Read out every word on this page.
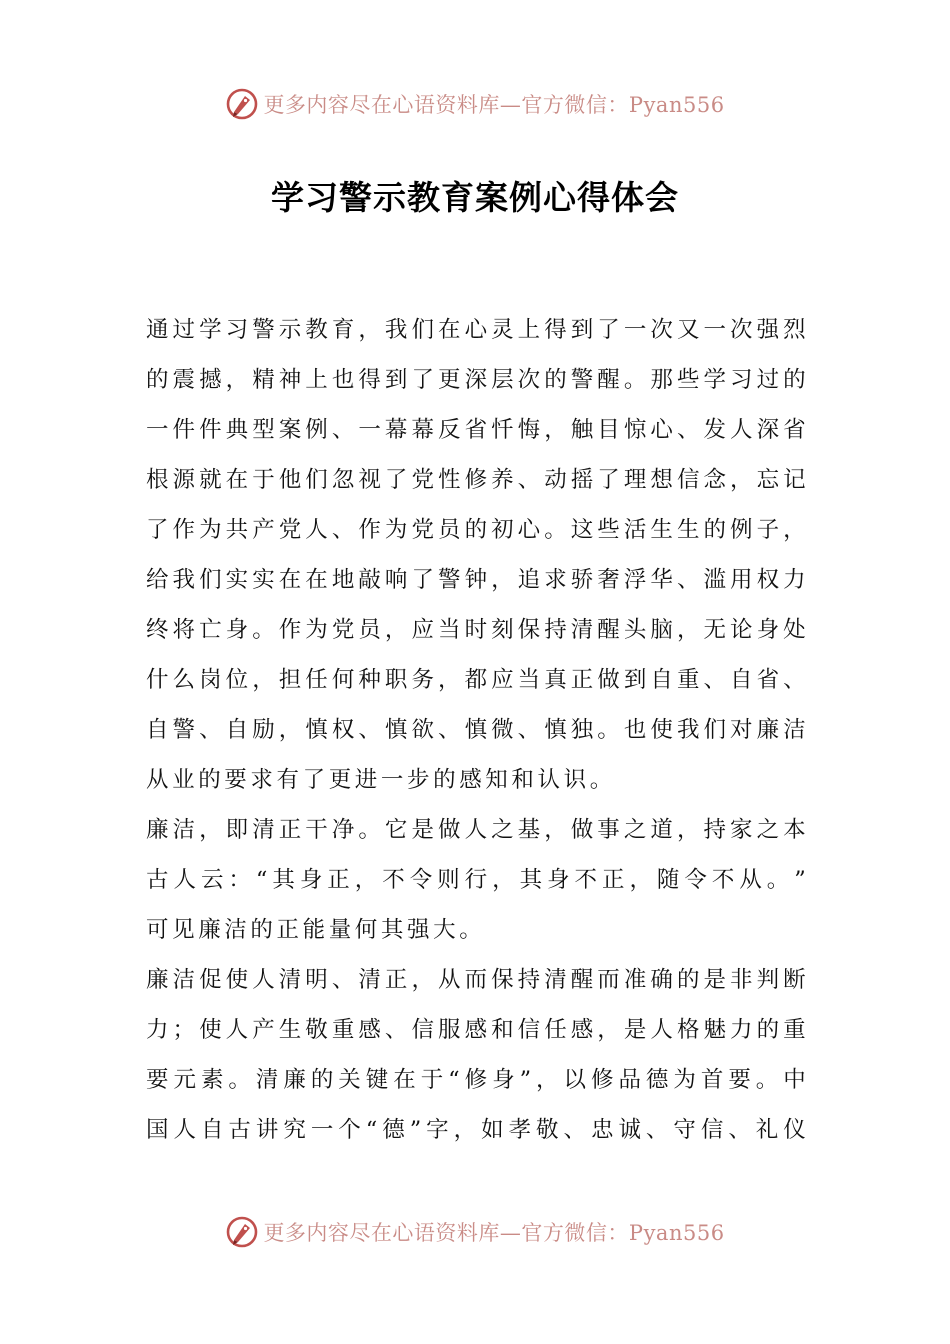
更多内容尽在心语资料库—官方微信：Pyan556
学习警示教育案例心得体会
通 过 学 习 警 示 教 育 ， 我 们 在 心 灵 上 得 到 了 一 次 又 一 次 强 烈
的 震 撼 ， 精 神 上 也 得 到 了 更 深 层 次 的 警 醒 。 那 些 学 习 过 的
一 件 件 典 型 案 例 、 一 幕 幕 反 省 忏 悔 ， 触 目 惊 心 、 发 人 深 省
根 源 就 在 于 他 们 忽 视 了 党 性 修 养 、 动 摇 了 理 想 信 念 ， 忘 记
了 作 为 共 产 党 人 、 作 为 党 员 的 初 心 。 这 些 活 生 生 的 例 子 ，
给 我 们 实 实 在 在 地 敲 响 了 警 钟 ， 追 求 骄 奢 浮 华 、 滥 用 权 力
终 将 亡 身 。 作 为 党 员 ， 应 当 时 刻 保 持 清 醒 头 脑 ， 无 论 身 处
什 么 岗 位 ， 担 任 何 种 职 务 ， 都 应 当 真 正 做 到 自 重 、 自 省 、
自 警 、 自 励 ， 慎 权 、 慎 欲 、 慎 微 、 慎 独 。 也 使 我 们 对 廉 洁
从业的要求有了更进一步的感知和认识。
廉 洁 ， 即 清 正 干 净 。 它 是 做 人 之 基 ， 做 事 之 道 ， 持 家 之 本
古 人 云 ： “ 其 身 正 ， 不 令 则 行 ， 其 身 不 正 ， 随 令 不 从 。 ”
可见廉洁的正能量何其强大。
廉 洁 促 使 人 清 明 、 清 正 ， 从 而 保 持 清 醒 而 准 确 的 是 非 判 断
力 ； 使 人 产 生 敬 重 感 、 信 服 感 和 信 任 感 ， 是 人 格 魅 力 的 重
要 元 素 。 清 廉 的 关 键 在 于 “ 修 身 ” ， 以 修 品 德 为 首 要 。 中
国 人 自 古 讲 究 一 个 “ 德 ” 字 ， 如 孝 敬 、 忠 诚 、 守 信 、 礼 仪
更多内容尽在心语资料库—官方微信：Pyan556
